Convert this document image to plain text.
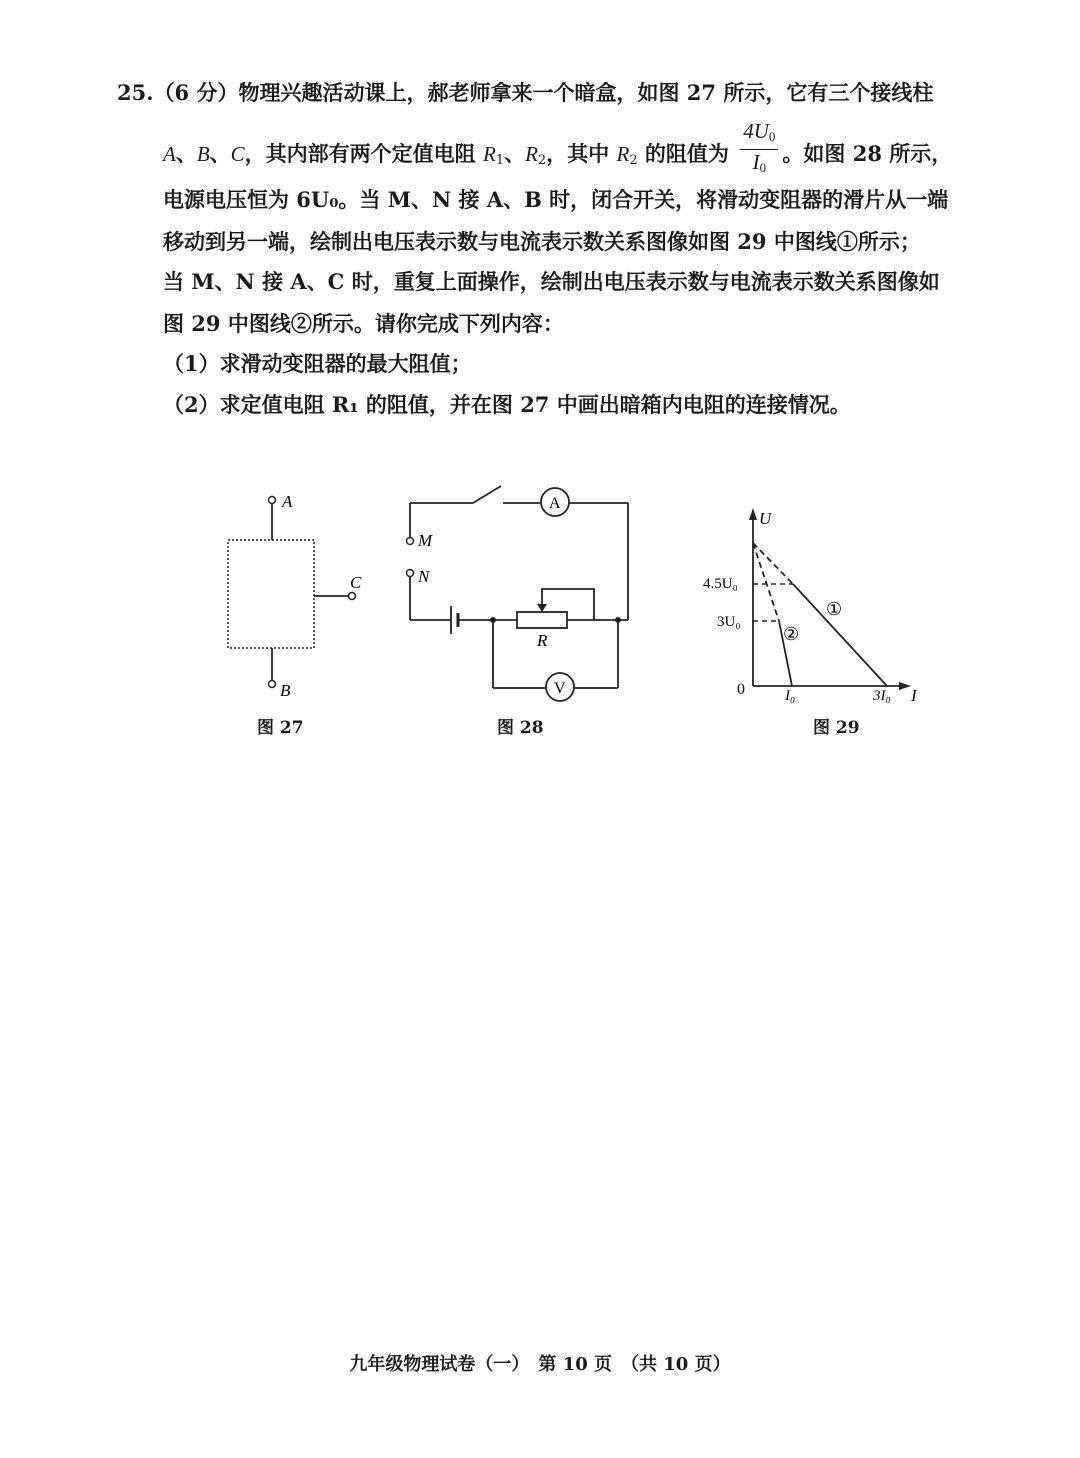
25.（6 分）物理兴趣活动课上，郝老师拿来一个暗盒，如图 27 所示，它有三个接线柱
A、B、C，其内部有两个定值电阻 $R_1$、$R_2$，其中 $R_2$ 的阻值为 $\frac{4U_0}{I_0}$ 。如图 28 所示，
电源电压恒为 6U₀。当 M、N 接 A、B 时，闭合开关，将滑动变阻器的滑片从一端
移动到另一端，绘制出电压表示数与电流表示数关系图像如图 29 中图线①所示；
当 M、N 接 A、C 时，重复上面操作，绘制出电压表示数与电流表示数关系图像如
图 29 中图线②所示。请你完成下列内容：
（1）求滑动变阻器的最大阻值；
（2）求定值电阻 R₁ 的阻值，并在图 27 中画出暗箱内电阻的连接情况。
A
B
C
图 27
M
A
N
R
V
图 28
U
I
0
4.5U₀
3U₀
I₀	3I₀
①
②
图 29
九年级物理试卷（一）　第 10 页　（共 10 页）
